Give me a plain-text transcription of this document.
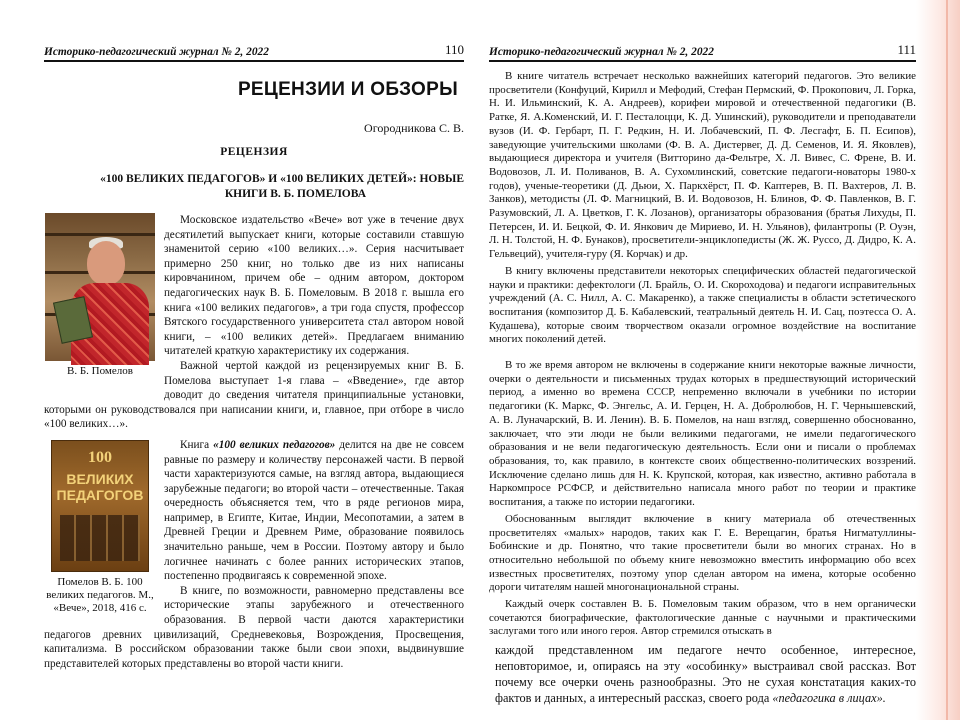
Историко-педагогический журнал № 2, 2022	110
РЕЦЕНЗИИ И ОБЗОРЫ
Огородникова С. В.
РЕЦЕНЗИЯ
«100 ВЕЛИКИХ ПЕДАГОГОВ» И «100 ВЕЛИКИХ ДЕТЕЙ»: НОВЫЕ
КНИГИ В. Б. ПОМЕЛОВА
В. Б. Помелов

Московское издательство «Вече» вот уже в течение двух десятилетий выпускает книги, которые составили ставшую знаменитой серию «100 великих…». Серия насчитывает примерно 250 книг, но только две из них написаны кировчанином, причем обе – одним автором, доктором педагогических наук В. Б. Помеловым. В 2018 г. вышла его книга «100 великих педагогов», а три года спустя, профессор Вятского государственного университета стал автором новой книги, – «100 великих детей». Предлагаем вниманию читателей краткую характеристику их содержания.

Важной чертой каждой из рецензируемых книг В. Б. Помелова выступает 1-я глава – «Введение», где автор доводит до сведения читателя принципиальные установки, которыми он руководствовался при написании книги, и, главное, при отборе в число «100 великих…».

100
ВЕЛИКИХ ПЕДАГОГОВ
Помелов В. Б. 100 великих педагогов. М., «Вече», 2018, 416 с.

Книга «100 великих педагогов» делится на две не совсем равные по размеру и количеству персонажей части. В первой части характеризуются самые, на взгляд автора, выдающиеся зарубежные педагоги; во второй части – отечественные. Такая очередность объясняется тем, что в ряде регионов мира, например, в Египте, Китае, Индии, Месопотамии, а затем в Древней Греции и Древнем Риме, образование появилось значительно раньше, чем в России. Поэтому автору и было логичнее начинать с более ранних исторических этапов, постепенно продвигаясь к современной эпохе.

В книге, по возможности, равномерно представлены все исторические этапы зарубежного и отечественного образования. В первой части даются характеристики педагогов древних цивилизаций, Средневековья, Возрождения, Просвещения, капитализма. В российском образовании также были свои эпохи, выдвинувшие представителей которых представлены во второй части книги.

Историко-педагогический журнал № 2, 2022	111

В книге читатель встречает несколько важнейших категорий педагогов. Это великие просветители (Конфуций, Кирилл и Мефодий, Стефан Пермский, Ф. Прокопович, Л. Горка, Н. И. Ильминский, К. А. Андреев), корифеи мировой и отечественной педагогики (В. Ратке, Я. А.Коменский, И. Г. Песталоцци, К. Д. Ушинский), руководители и преподаватели вузов (И. Ф. Гербарт, П. Г. Редкин, Н. И. Лобачевский, П. Ф. Лесгафт, Б. П. Есипов), заведующие учительскими школами (Ф. В. А. Дистервег, Д. Д. Семенов, И. Я. Яковлев), выдающиеся директора и учителя (Витторино да-Фельтре, Х. Л. Вивес, С. Френе, В. И. Водовозов, Л. И. Поливанов, В. А. Сухомлинский, советские педагоги-новаторы 1980-х годов), ученые-теоретики (Д. Дьюи, Х. Паркхёрст, П. Ф. Каптерев, В. П. Вахтеров, Л. В. Занков), методисты (Л. Ф. Магницкий, В. И. Водовозов, Н. Блинов, Ф. Ф. Павленков, В. Г. Разумовский, Л. А. Цветков, Г. К. Лозанов), организаторы образования (братья Лихуды, П. Петерсен, И. И. Бецкой, Ф. И. Янкович де Мириево, И. Н. Ульянов), филантропы (Р. Оуэн, Л. Н. Толстой, Н. Ф. Бунаков), просветители-энциклопедисты (Ж. Ж. Руссо, Д. Дидро, К. А. Гельвеций), учителя-гуру (Я. Корчак) и др.

В книгу включены представители некоторых специфических областей педагогической науки и практики: дефектологи (Л. Брайль, О. И. Скороходова) и педагоги исправительных учреждений (А. С. Нилл, А. С. Макаренко), а также специалисты в области эстетического воспитания (композитор Д. Б. Кабалевский, театральный деятель Н. И. Сац, поэтесса О. А. Кудашева), которые своим творчеством оказали огромное воздействие на воспитание многих поколений детей.

В то же время автором не включены в содержание книги некоторые важные личности, очерки о деятельности и письменных трудах которых в предшествующий исторический период, а именно во времена СССР, непременно включали в учебники по истории педагогики (К. Маркс, Ф. Энгельс, А. И. Герцен, Н. А. Добролюбов, Н. Г. Чернышевский, А. В. Луначарский, В. И. Ленин). В. Б. Помелов, на наш взгляд, совершенно обоснованно, заключает, что эти люди не были великими педагогами, не имели педагогического образования и не вели педагогическую деятельность. Если они и писали о проблемах образования, то, как правило, в контексте своих общественно-политических воззрений. Исключение сделано лишь для Н. К. Крупской, которая, как известно, активно работала в Наркомпросе РСФСР, и действительно написала много работ по теории и практике воспитания, а также по истории педагогики.

Обоснованным выглядит включение в книгу материала об отечественных просветителях «малых» народов, таких как Г. Е. Верещагин, братья Нигматуллины-Бобинские и др. Понятно, что такие просветители были во многих странах. Но в относительно небольшой по объему книге невозможно вместить информацию обо всех известных просветителях, поэтому упор сделан автором на имена, которые особенно дороги читателям нашей многонациональной страны.

Каждый очерк составлен В. Б. Помеловым таким образом, что в нем органически сочетаются биографические, фактологические данные с научными и практическими заслугами того или иного героя. Автор стремился отыскать в

каждой представленном им педагоге нечто особенное, интересное, неповторимое, и, опираясь на эту «особинку» выстраивал свой рассказ. Вот почему все очерки очень разнообразны. Это не сухая констатация каких-то фактов и данных, а интересный рассказ, своего рода «педагогика в лицах».
